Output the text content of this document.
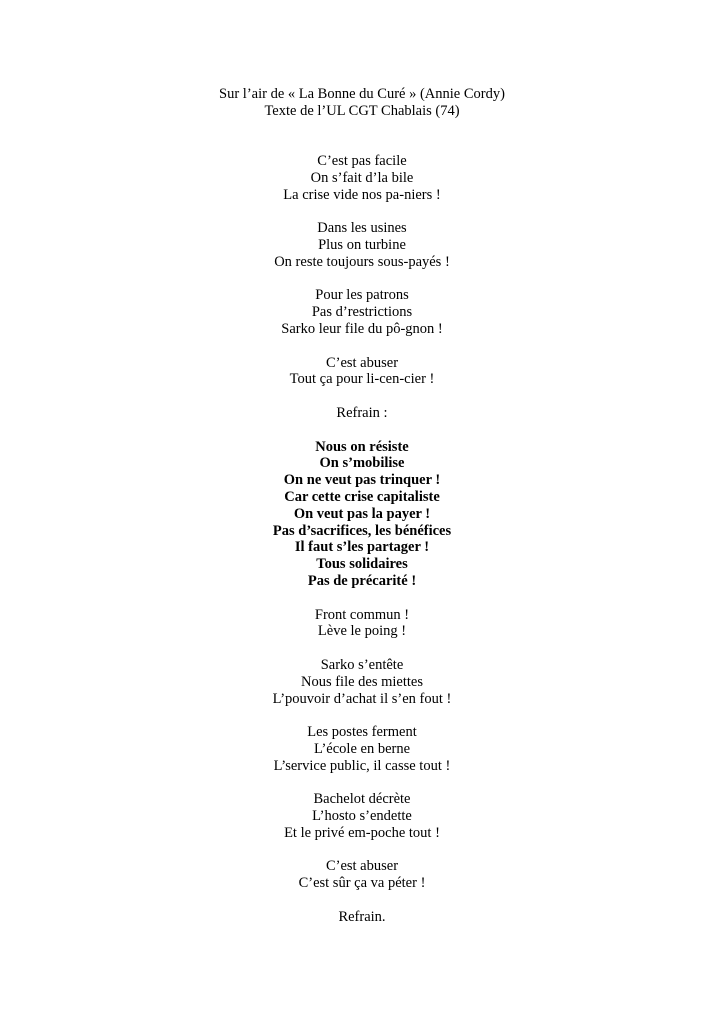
Sur l’air de « La Bonne du Curé » (Annie Cordy)
Texte de l’UL CGT Chablais (74)
C’est pas facile
On s’fait d’la bile
La crise vide nos pa-niers !
Dans les usines
Plus on turbine
On reste toujours sous-payés !
Pour les patrons
Pas d’restrictions
Sarko leur file du pô-gnon !
C’est abuser
Tout ça pour li-cen-cier !
Refrain :
Nous on résiste
On s’mobilise
On ne veut pas trinquer !
Car cette crise capitaliste
On veut pas la payer !
Pas d’sacrifices, les bénéfices
Il faut s’les partager !
Tous solidaires
Pas de précarité !
Front commun !
Lève le poing !
Sarko s’entête
Nous file des miettes
L’pouvoir d’achat il s’en fout !
Les postes ferment
L’école en berne
L’service public, il casse tout !
Bachelot décrète
L’hosto s’endette
Et le privé em-poche tout !
C’est abuser
C’est sûr ça va péter !
Refrain.
